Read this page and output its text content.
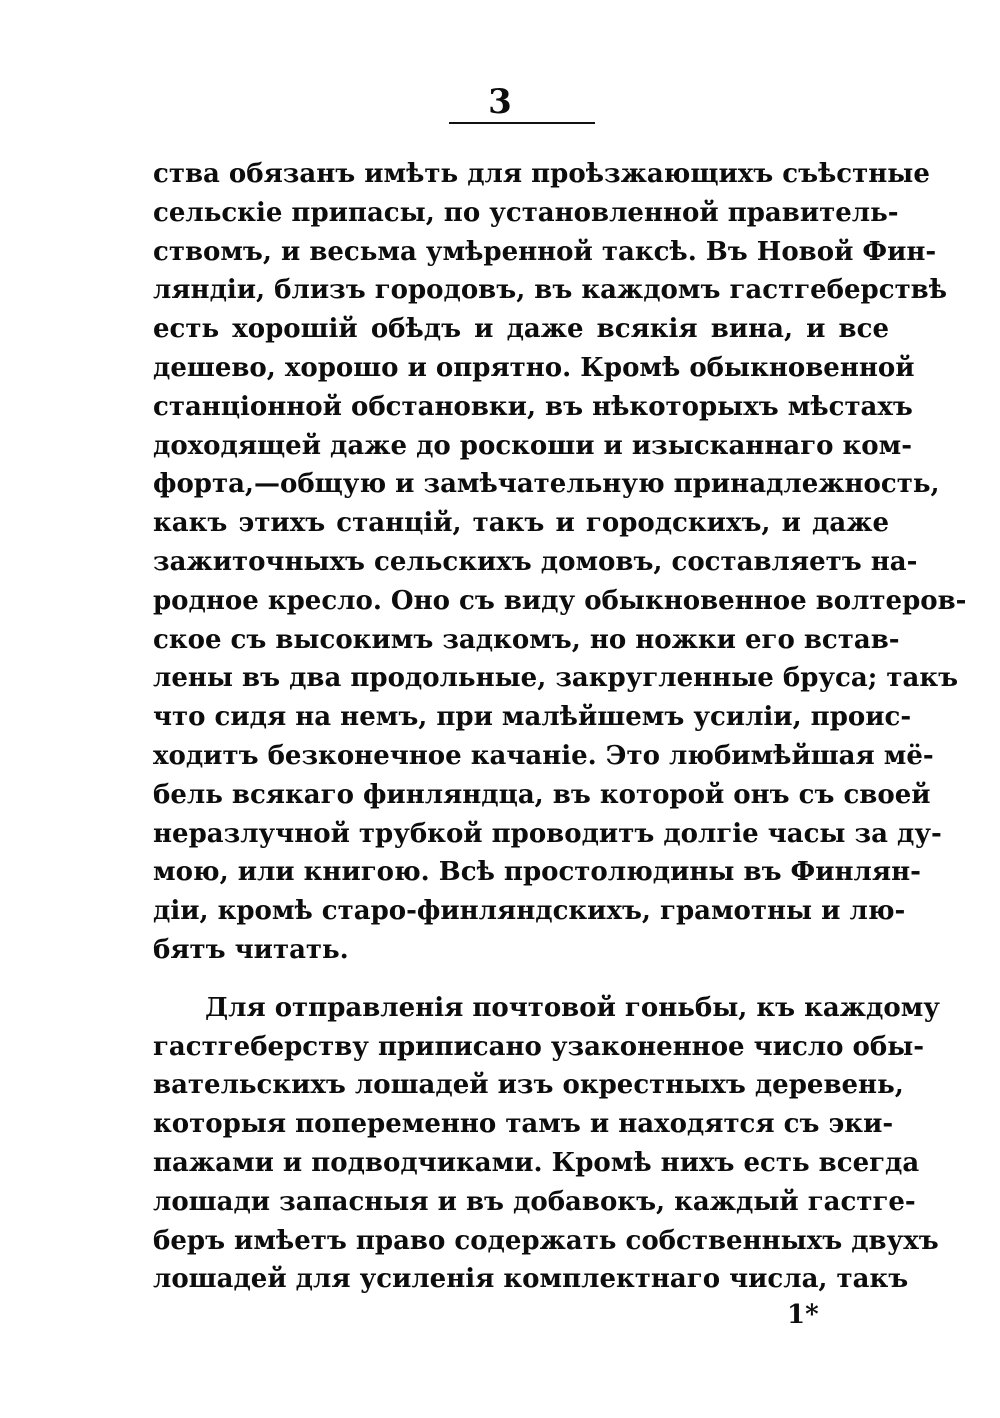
3
ства обязанъ имѣть для проѣзжающихъ съѣстные
сельскіе припасы, по установленной правитель-
ствомъ, и весьма умѣренной таксѣ. Въ Новой Фин-
ляндіи, близъ городовъ, въ каждомъ гастгеберствѣ
есть хорошій обѣдъ и даже всякія вина, и все
дешево, хорошо и опрятно. Кромѣ обыкновенной
станціонной обстановки, въ нѣкоторыхъ мѣстахъ
доходящей даже до роскоши и изысканнаго ком-
форта,—общую и замѣчательную принадлежность,
какъ этихъ станцій, такъ и городскихъ, и даже
зажиточныхъ сельскихъ домовъ, составляетъ на-
родное кресло. Оно съ виду обыкновенное волтеров-
ское съ высокимъ задкомъ, но ножки его встав-
лены въ два продольные, закругленные бруса; такъ
что сидя на немъ, при малѣйшемъ усиліи, проис-
ходитъ безконечное качаніе. Это любимѣйшая мё-
бель всякаго финляндца, въ которой онъ съ своей
неразлучной трубкой проводитъ долгіе часы за ду-
мою, или книгою. Всѣ простолюдины въ Финлян-
діи, кромѣ старо-финляндскихъ, грамотны и лю-
бятъ читать.
Для отправленія почтовой гоньбы, къ каждому
гастгеберству приписано узаконенное число обы-
вательскихъ лошадей изъ окрестныхъ деревень,
которыя попеременно тамъ и находятся съ эки-
пажами и подводчиками. Кромѣ нихъ есть всегда
лошади запасныя и въ добавокъ, каждый гастге-
беръ имѣетъ право содержать собственныхъ двухъ
лошадей для усиленія комплектнаго числа, такъ
1*
